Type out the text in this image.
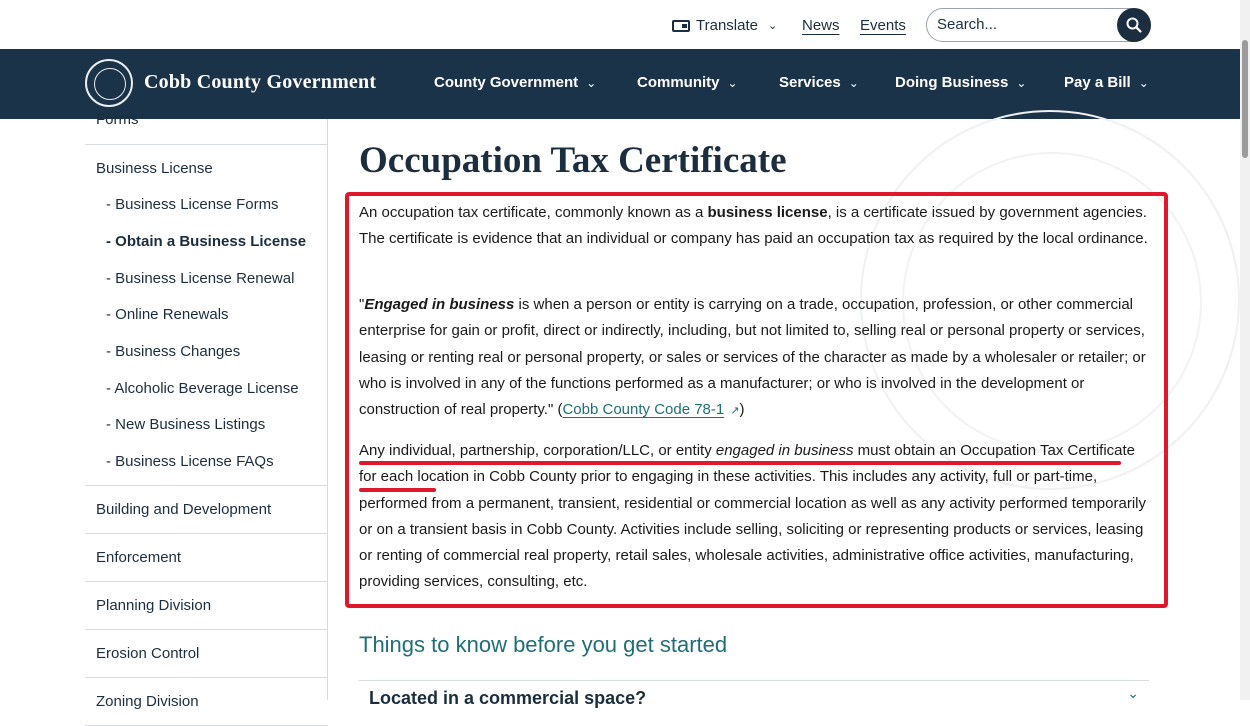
Translate ⌄ News Events
Search...
Cobb County Government	County Government ⌄	Community ⌄	Services ⌄ Doing Business ⌄	Pay a Bill ⌄
Forms
Business License
- Business License Forms
- Obtain a Business License
- Business License Renewal
- Online Renewals
- Business Changes
- Alcoholic Beverage License
- New Business Listings
- Business License FAQs
Building and Development
Enforcement
Planning Division
Erosion Control
Zoning Division
Occupation Tax Certificate

An occupation tax certificate, commonly known as a business license, is a certificate issued by government agencies. The certificate is evidence that an individual or company has paid an occupation tax as required by the local ordinance.

"Engaged in business is when a person or entity is carrying on a trade, occupation, profession, or other commercial enterprise for gain or profit, direct or indirectly, including, but not limited to, selling real or personal property or services, leasing or renting real or personal property, or sales or services of the character as made by a wholesaler or retailer; or who is involved in any of the functions performed as a manufacturer; or who is involved in the development or construction of real property." (Cobb County Code 78-1 ↗)

Any individual, partnership, corporation/LLC, or entity engaged in business must obtain an Occupation Tax Certificate for each location in Cobb County prior to engaging in these activities. This includes any activity, full or part-time, performed from a permanent, transient, residential or commercial location as well as any activity performed temporarily or on a transient basis in Cobb County. Activities include selling, soliciting or representing products or services, leasing or renting of commercial real property, retail sales, wholesale activities, administrative office activities, manufacturing, providing services, consulting, etc.

Things to know before you get started
Located in a commercial space?	⌄
